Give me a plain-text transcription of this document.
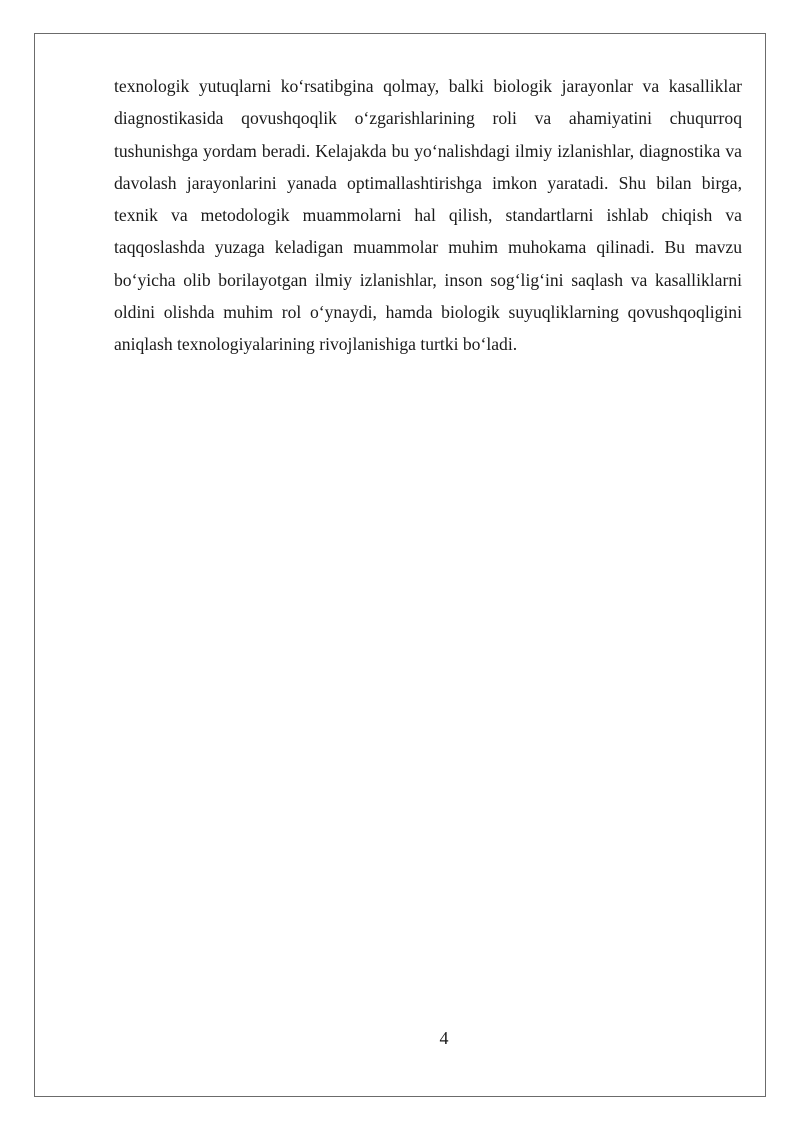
texnologik yutuqlarni koʻrsatibgina qolmay, balki biologik jarayonlar va kasalliklar diagnostikasida qovushqoqlik oʻzgarishlarining roli va ahamiyatini chuqurroq tushunishga yordam beradi. Kelajakda bu yoʻnalishdagi ilmiy izlanishlar, diagnostika va davolash jarayonlarini yanada optimallashtirishga imkon yaratadi. Shu bilan birga, texnik va metodologik muammolarni hal qilish, standartlarni ishlab chiqish va taqqoslashda yuzaga keladigan muammolar muhim muhokama qilinadi. Bu mavzu boʻyicha olib borilayotgan ilmiy izlanishlar, inson sogʻligʻini saqlash va kasalliklarni oldini olishda muhim rol oʻynaydi, hamda biologik suyuqliklarning qovushqoqligini aniqlash texnologiyalarining rivojlanishiga turtki boʻladi.

4
